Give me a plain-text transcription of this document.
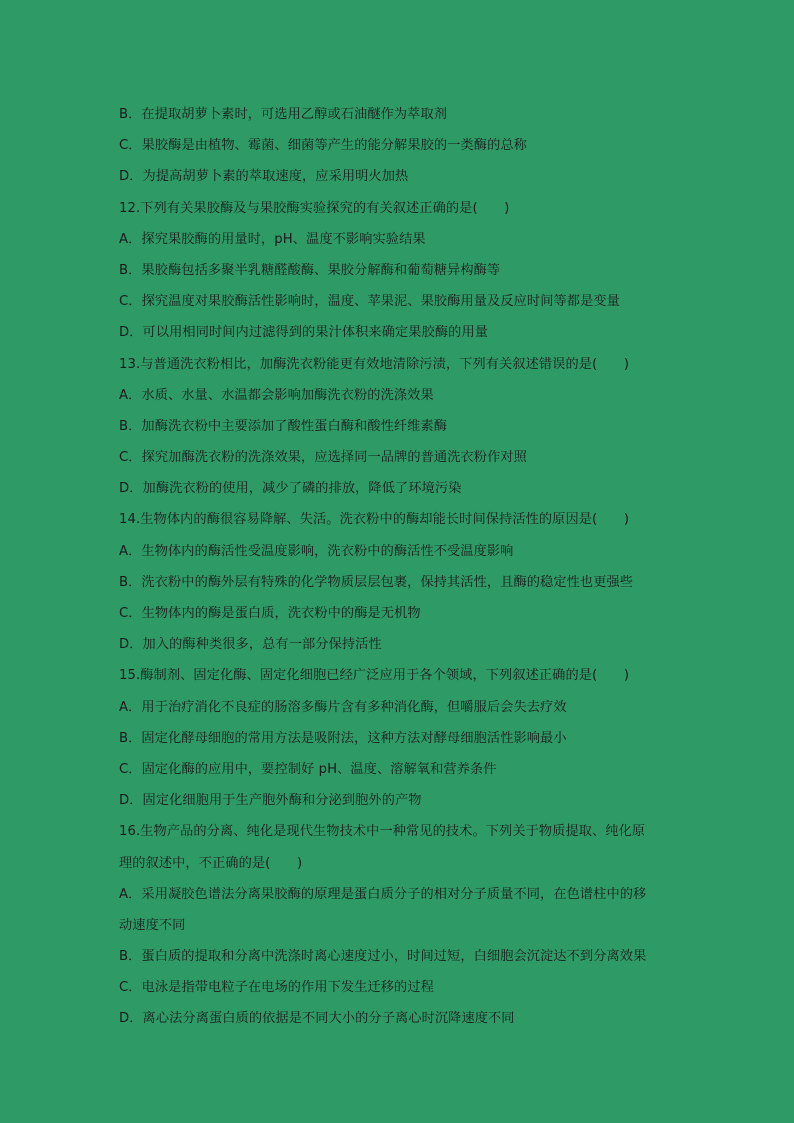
B．在提取胡萝卜素时，可选用乙醇或石油醚作为萃取剂
C．果胶酶是由植物、霉菌、细菌等产生的能分解果胶的一类酶的总称
D．为提高胡萝卜素的萃取速度，应采用明火加热
12.下列有关果胶酶及与果胶酶实验探究的有关叙述正确的是(　　)
A．探究果胶酶的用量时，pH、温度不影响实验结果
B．果胶酶包括多聚半乳糖醛酸酶、果胶分解酶和葡萄糖异构酶等
C．探究温度对果胶酶活性影响时，温度、苹果泥、果胶酶用量及反应时间等都是变量
D．可以用相同时间内过滤得到的果汁体积来确定果胶酶的用量
13.与普通洗衣粉相比，加酶洗衣粉能更有效地清除污渍，下列有关叙述错误的是(　　)
A．水质、水量、水温都会影响加酶洗衣粉的洗涤效果
B．加酶洗衣粉中主要添加了酸性蛋白酶和酸性纤维素酶
C．探究加酶洗衣粉的洗涤效果，应选择同一品牌的普通洗衣粉作对照
D．加酶洗衣粉的使用，减少了磷的排放，降低了环境污染
14.生物体内的酶很容易降解、失活。洗衣粉中的酶却能长时间保持活性的原因是(　　)
A．生物体内的酶活性受温度影响，洗衣粉中的酶活性不受温度影响
B．洗衣粉中的酶外层有特殊的化学物质层层包裹，保持其活性，且酶的稳定性也更强些
C．生物体内的酶是蛋白质，洗衣粉中的酶是无机物
D．加入的酶种类很多，总有一部分保持活性
15.酶制剂、固定化酶、固定化细胞已经广泛应用于各个领域，下列叙述正确的是(　　)
A．用于治疗消化不良症的肠溶多酶片含有多种消化酶，但嚼服后会失去疗效
B．固定化酵母细胞的常用方法是吸附法，这种方法对酵母细胞活性影响最小
C．固定化酶的应用中，要控制好 pH、温度、溶解氧和营养条件
D．固定化细胞用于生产胞外酶和分泌到胞外的产物
16.生物产品的分离、纯化是现代生物技术中一种常见的技术。下列关于物质提取、纯化原
理的叙述中，不正确的是(　　)
A．采用凝胶色谱法分离果胶酶的原理是蛋白质分子的相对分子质量不同，在色谱柱中的移
动速度不同
B．蛋白质的提取和分离中洗涤时离心速度过小，时间过短，白细胞会沉淀达不到分离效果
C．电泳是指带电粒子在电场的作用下发生迁移的过程
D．离心法分离蛋白质的依据是不同大小的分子离心时沉降速度不同
